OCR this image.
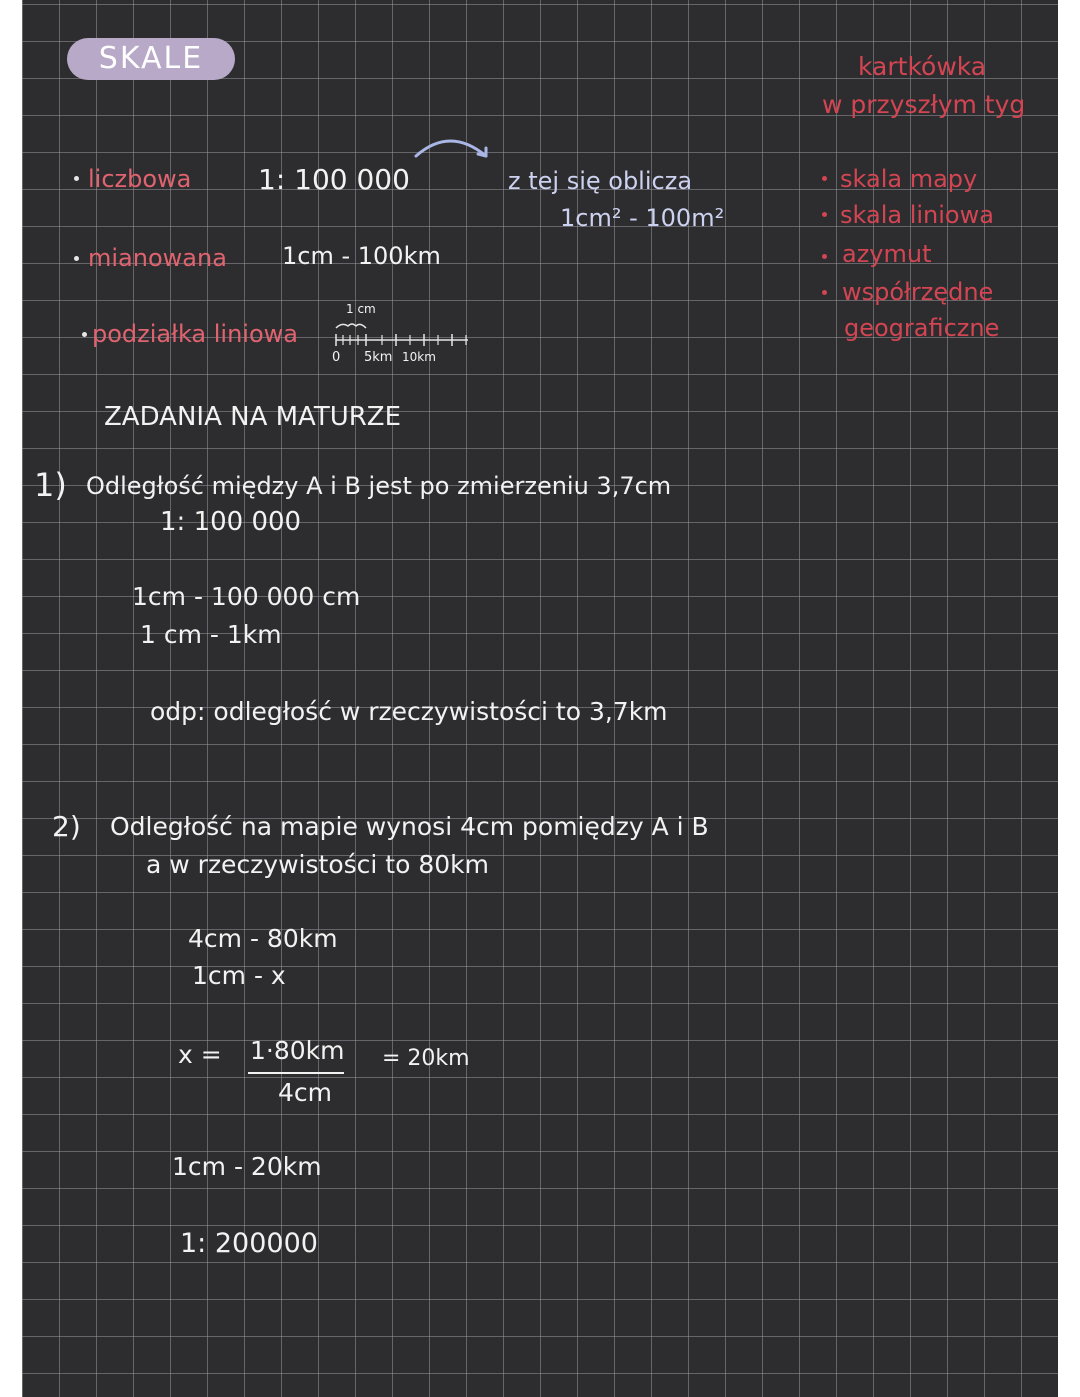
SKALE	kartkówka
w przyszłym tyg
skala mapy
skala liniowa
azymut
współrzędne
geograficzne
liczbowa 1: 100 000	z tej się oblicza
1cm² - 100m²
mianowana 1cm - 100km
podziałka liniowa
1 cm
0 5km 10km
ZADANIA NA MATURZE
1) Odległość między A i B jest po zmierzeniu 3,7cm
1: 100 000
1cm - 100 000 cm
1 cm - 1km
odp: odległość w rzeczywistości to 3,7km
2) Odległość na mapie wynosi 4cm pomiędzy A i B
a w rzeczywistości to 80km
4cm - 80km
1cm - x
x = 1·80km
4cm
= 20km
1cm - 20km
1: 200000
